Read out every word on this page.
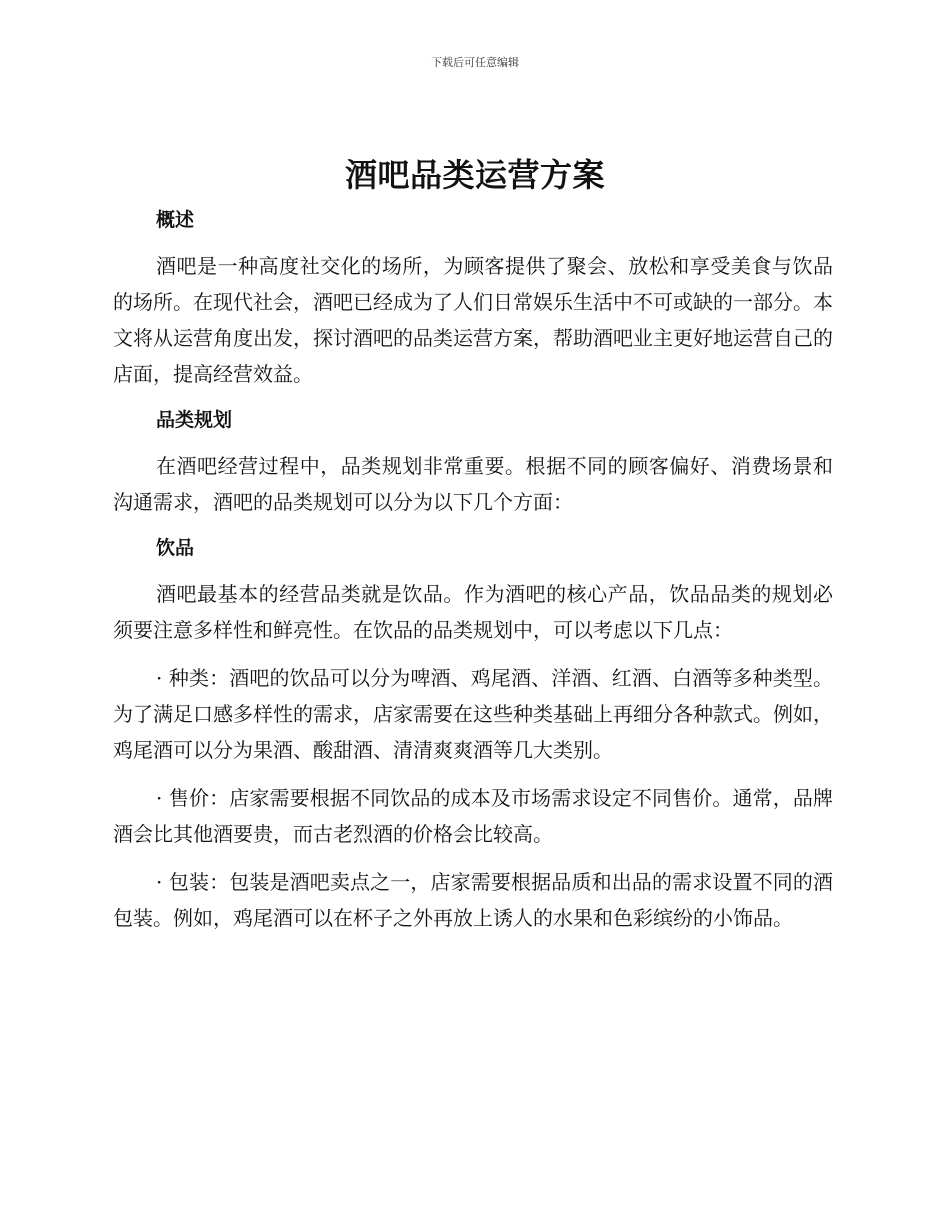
下载后可任意编辑
酒吧品类运营方案
概述

酒吧是一种高度社交化的场所，为顾客提供了聚会、放松和享受美食与饮品的场所。在现代社会，酒吧已经成为了人们日常娱乐生活中不可或缺的一部分。本文将从运营角度出发，探讨酒吧的品类运营方案，帮助酒吧业主更好地运营自己的店面，提高经营效益。

品类规划

在酒吧经营过程中，品类规划非常重要。根据不同的顾客偏好、消费场景和沟通需求，酒吧的品类规划可以分为以下几个方面：

饮品

酒吧最基本的经营品类就是饮品。作为酒吧的核心产品，饮品品类的规划必须要注意多样性和鲜亮性。在饮品的品类规划中，可以考虑以下几点：

· 种类：酒吧的饮品可以分为啤酒、鸡尾酒、洋酒、红酒、白酒等多种类型。为了满足口感多样性的需求，店家需要在这些种类基础上再细分各种款式。例如，鸡尾酒可以分为果酒、酸甜酒、清清爽爽酒等几大类别。

· 售价：店家需要根据不同饮品的成本及市场需求设定不同售价。通常，品牌酒会比其他酒要贵，而古老烈酒的价格会比较高。

· 包装：包装是酒吧卖点之一，店家需要根据品质和出品的需求设置不同的酒包装。例如，鸡尾酒可以在杯子之外再放上诱人的水果和色彩缤纷的小饰品。
